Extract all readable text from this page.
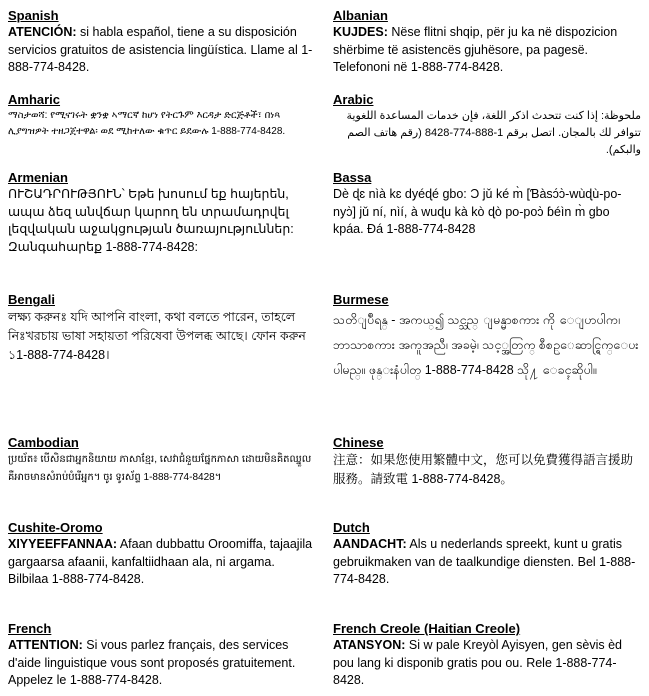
Spanish
ATENCIÓN: si habla español, tiene a su disposición servicios gratuitos de asistencia lingüística. Llame al 1-888-774-8428.
Amharic
ማስታወሻ: የሚናገሩት ቋንቋ ኣማርኛ ከሆነ የትርጉም እርዳታ ድርጅቶች፣ በነጻ ሊያግዝዎት ተዘጋጀተዋል፡ ወደ ሚከተለው ቁጥር ይደውሉ 1-888-774-8428.
Armenian
ՈՒՇԱԴՐՈՒԹՅՈՒՆ՝ Եթե խոսում եք հայերեն, ապա ձեզ անվճար կարող են տրամադրվել լեզվական աջակցության ծառայություններ: Զանգահարեք 1-888-774-8428:
Bengali
লক্ষ্য করুনঃ যদি আপনি বাংলা, কথা বলতে পারেন, তাহলে নিঃখরচায় ভাষা সহায়তা পরিষেবা উপলব্ধ আছে। ফোন করুন ১1-888-774-8428।
Cambodian
ប្រយ័ត៖ បើសិនជាអ្នកនិយាយ ភាសាខ្មែរ, សេវាជំនួយផ្នែកភាសា ដោយមិនគិតឈ្នួល គឺអាចមានសំរាប់បំរើអ្នក។ ចូរ ទូរស័ព្ទ 1-888-774-8428។
Cushite-Oromo
XIYYEEFFANNAA: Afaan dubbattu Oroomiffa, tajaajila gargaarsa afaanii, kanfaltiidhaan ala, ni argama. Bilbilaa 1-888-774-8428.
French
ATTENTION: Si vous parlez français, des services d'aide linguistique vous sont proposés gratuitement. Appelez le 1-888-774-8428.
Albanian
KUJDES: Nëse flitni shqip, për ju ka në dispozicion shërbime të asistencës gjuhësore, pa pagesë. Telefononi në 1-888-774-8428.
Arabic
ملحوظة: إذا كنت تتحدث اذكر اللغة، فإن خدمات المساعدة اللغوية تتوافر لك بالمجان. اتصل برقم 1-888-774-8428 (رقم هاتف الصم والبكم).
Bassa
Dè ɖɛ nìà kɛ dyéɖé gbo: Ɔ jǔ ké m̀ [Ɓàsɔ́ɔ̀-wùɖù-po-nyɔ̀] jǔ ní, nìí, à wuɖu kà kò ɖò po-poɔ̀ ɓéìn m̀ gbo kpáa. Ɖá 1-888-774-8428
Burmese
သတိျပဳရန္ - အကယ္၍ သင္သည္ ျမန္မာစကား ကို ေျပာပါက၊ ဘာသာစကား အကူအညီ၊ အခမဲ့၊ သင့္အတြက္ စီစဥ္ေဆာင္ရြက္ေပးပါမည္။ ဖုန္းနံပါတ္ 1-888-774-8428 သို႔ ေခၚဆိုပါ။
Chinese
注意：如果您使用繁體中文，您可以免費獲得語言援助服務。請致電 1-888-774-8428。
Dutch
AANDACHT: Als u nederlands spreekt, kunt u gratis gebruikmaken van de taalkundige diensten. Bel 1-888-774-8428.
French Creole (Haitian Creole)
ATANSYON: Si w pale Kreyòl Ayisyen, gen sèvis èd pou lang ki disponib gratis pou ou. Rele 1-888-774-8428.
